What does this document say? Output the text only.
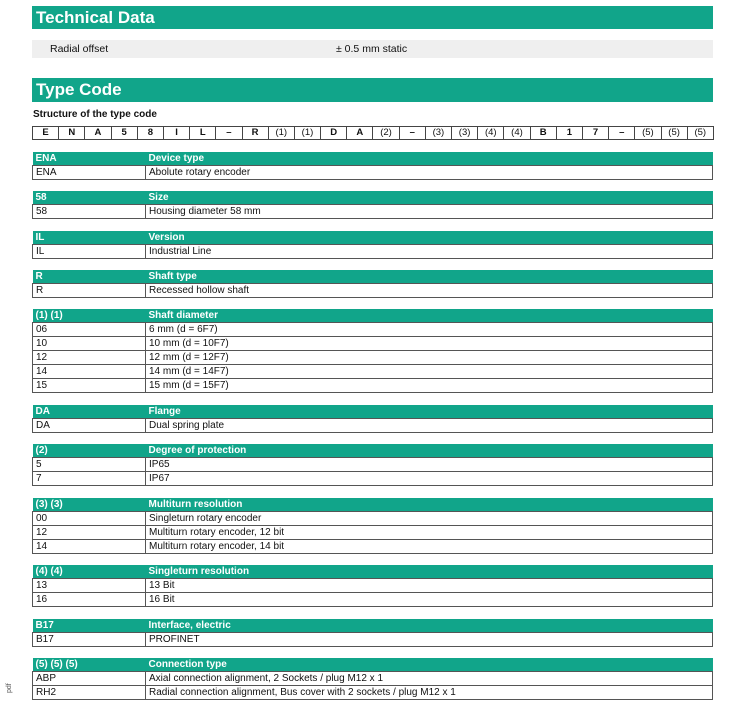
Technical Data
Radial offset	± 0.5 mm static
Type Code
Structure of the type code
E	N	A	5	8	I	L	–	R	(1)	(1)	D	A	(2)	–	(3)	(3)	(4)	(4)	B	1	7	–	(5)	(5)	(5)
ENA	Device type
ENA	Abolute rotary encoder
58	Size
58	Housing diameter 58 mm
IL	Version
IL	Industrial Line
R	Shaft type
R	Recessed hollow shaft
(1) (1)	Shaft diameter
06	6 mm (d = 6F7)
10	10 mm (d = 10F7)
12	12 mm (d = 12F7)
14	14 mm (d = 14F7)
15	15 mm (d = 15F7)
DA	Flange
DA	Dual spring plate
(2)	Degree of protection
5	IP65
7	IP67
(3) (3)	Multiturn resolution
00	Singleturn rotary encoder
12	Multiturn rotary encoder, 12 bit
14	Multiturn rotary encoder, 14 bit
(4) (4)	Singleturn resolution
13	13 Bit
16	16 Bit
B17	Interface, electric
B17	PROFINET
(5) (5) (5)	Connection type
ABP	Axial connection alignment, 2 Sockets / plug M12 x 1
RH2	Radial connection alignment, Bus cover with 2 sockets / plug M12 x 1
pdf
